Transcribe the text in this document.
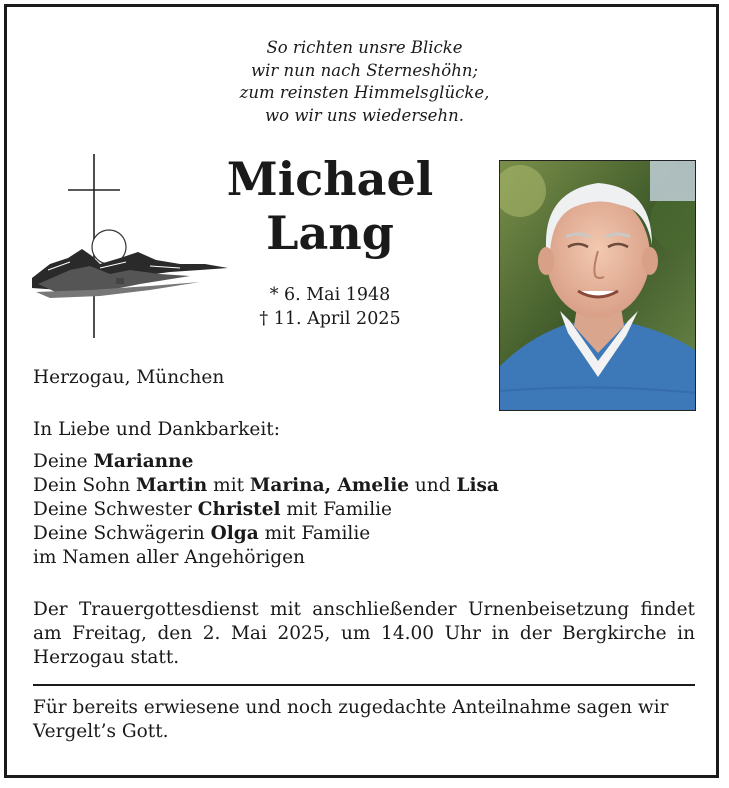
So richten unsre Blicke
wir nun nach Sterneshöhn;
zum reinsten Himmelsglücke,
wo wir uns wiedersehn.
Michael
Lang
* 6. Mai 1948
† 11. April 2025
Herzogau, München
In Liebe und Dankbarkeit:
Deine Marianne
Dein Sohn Martin mit Marina, Amelie und Lisa
Deine Schwester Christel mit Familie
Deine Schwägerin Olga mit Familie
im Namen aller Angehörigen
Der Trauergottesdienst mit anschließender Urnenbeisetzung findet am Freitag, den 2. Mai 2025, um 14.00 Uhr in der Bergkirche in Herzogau statt.
Für bereits erwiesene und noch zugedachte Anteilnahme sagen wir Vergelt’s Gott.
